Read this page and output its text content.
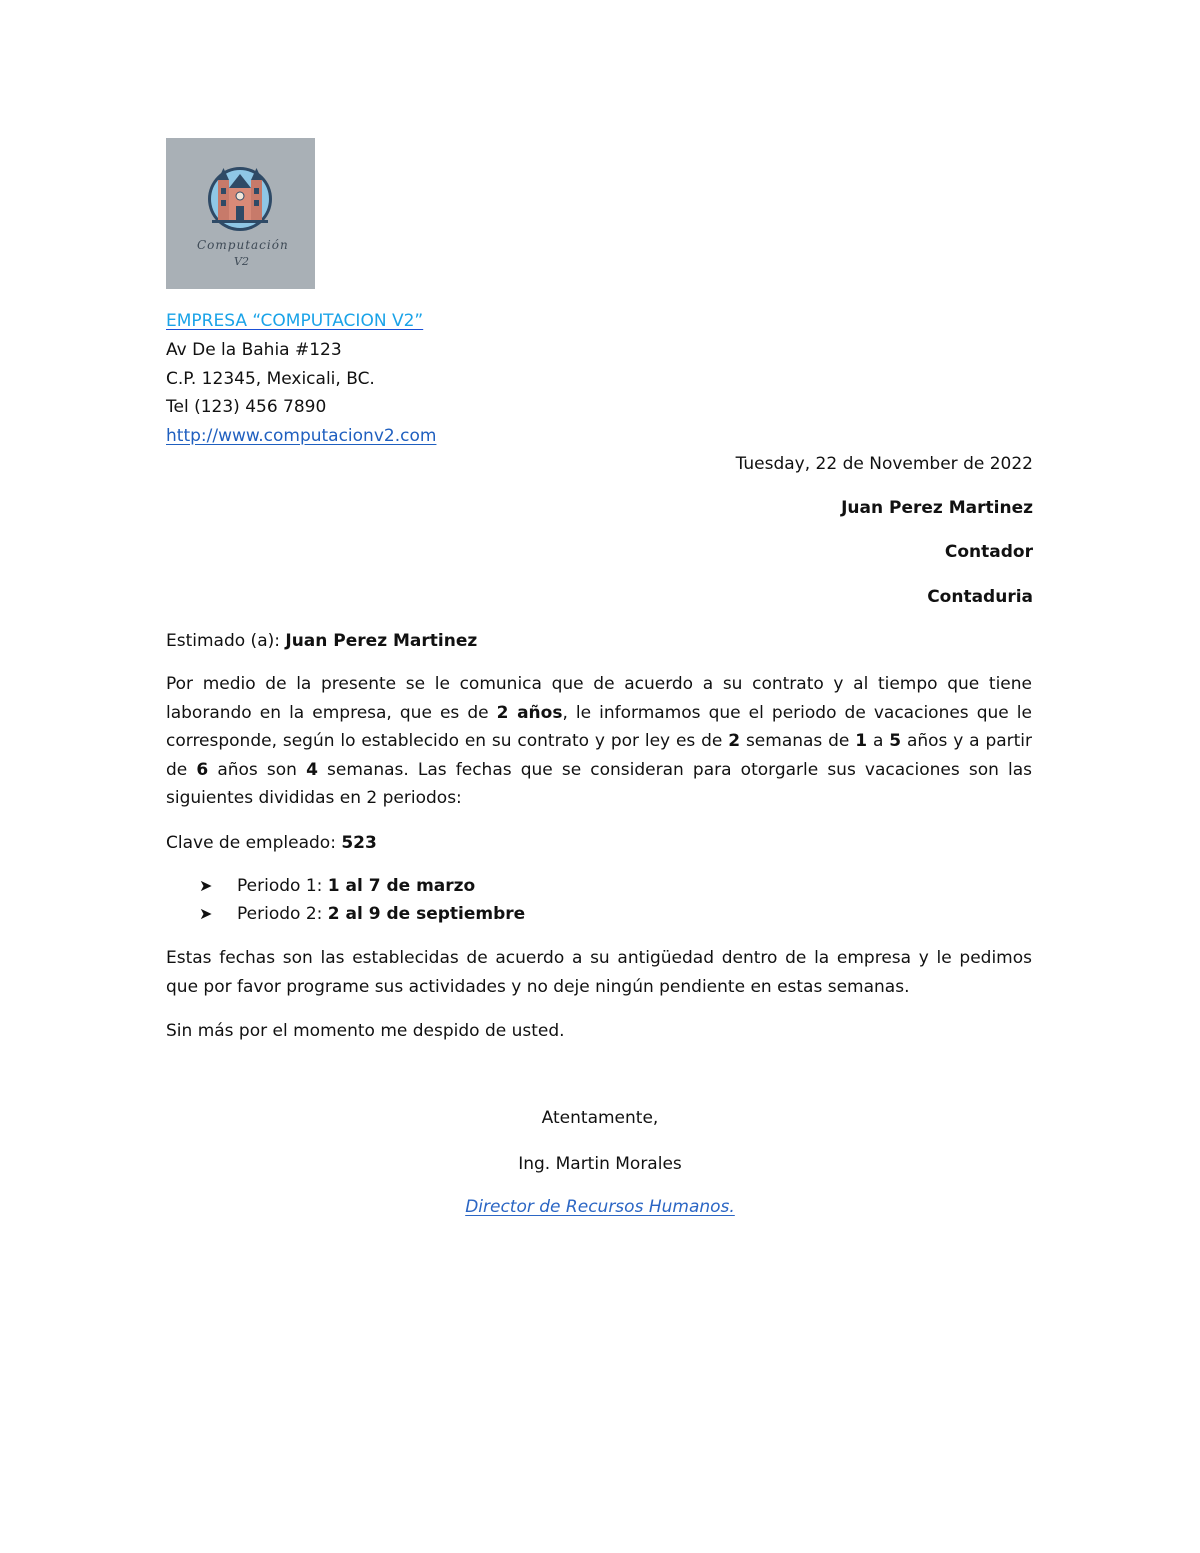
Computación
V2
EMPRESA “COMPUTACION V2”
Av De la Bahia #123
C.P. 12345, Mexicali, BC.
Tel (123) 456 7890
http://www.computacionv2.com
Tuesday, 22 de November de 2022
Juan Perez Martinez
Contador
Contaduria
Estimado (a): Juan Perez Martinez
Por medio de la presente se le comunica que de acuerdo a su contrato y al tiempo que tiene laborando en la empresa, que es de 2 años, le informamos que el periodo de vacaciones que le corresponde, según lo establecido en su contrato y por ley es de 2 semanas de 1 a 5 años y a partir de 6 años son 4 semanas. Las fechas que se consideran para otorgarle sus vacaciones son las siguientes divididas en 2 periodos:
Clave de empleado: 523
➤ Periodo 1: 1 al 7 de marzo
➤ Periodo 2: 2 al 9 de septiembre
Estas fechas son las establecidas de acuerdo a su antigüedad dentro de la empresa y le pedimos que por favor programe sus actividades y no deje ningún pendiente en estas semanas.
Sin más por el momento me despido de usted.
Atentamente,
Ing. Martin Morales
Director de Recursos Humanos.
